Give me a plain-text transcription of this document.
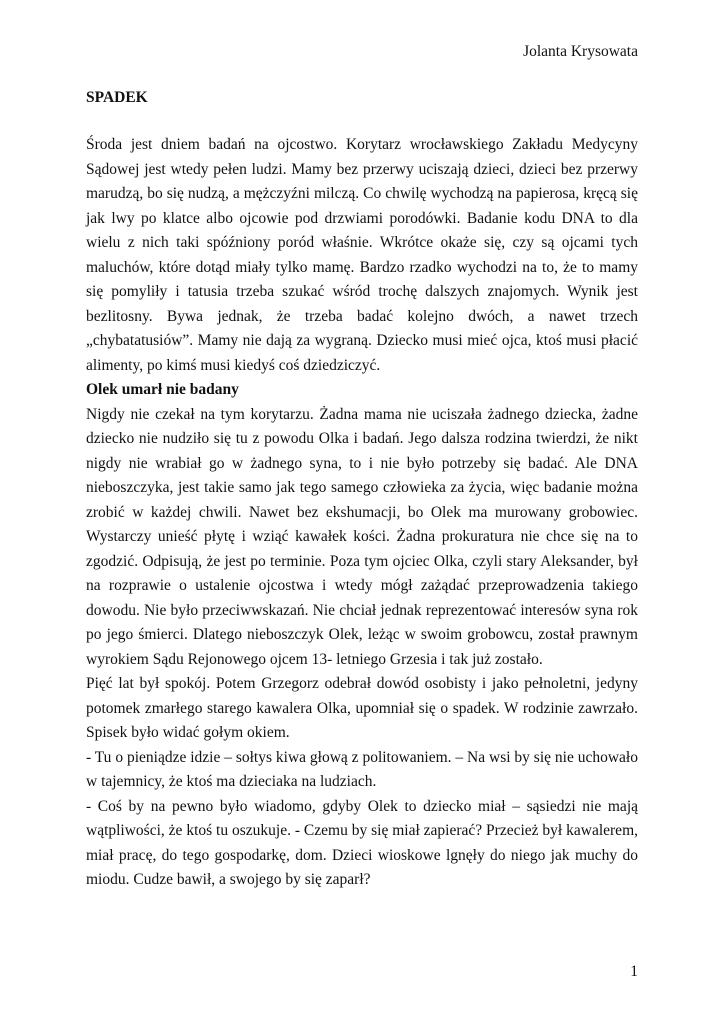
Jolanta Krysowata
SPADEK

Środa jest dniem badań na ojcostwo. Korytarz wrocławskiego Zakładu Medycyny Sądowej jest wtedy pełen ludzi. Mamy bez przerwy uciszają dzieci, dzieci bez przerwy marudzą, bo się nudzą, a mężczyźni milczą. Co chwilę wychodzą na papierosa, kręcą się jak lwy po klatce albo ojcowie pod drzwiami porodówki. Badanie kodu DNA to dla wielu z nich taki spóźniony poród właśnie. Wkrótce okaże się, czy są ojcami tych maluchów, które dotąd miały tylko mamę. Bardzo rzadko wychodzi na to, że to mamy się pomyliły i tatusia trzeba szukać wśród trochę dalszych znajomych. Wynik jest bezlitosny. Bywa jednak, że trzeba badać kolejno dwóch, a nawet trzech „chybatatusiów”. Mamy nie dają za wygraną. Dziecko musi mieć ojca, ktoś musi płacić alimenty, po kimś musi kiedyś coś dziedziczyć.

Olek umarł nie badany

Nigdy nie czekał na tym korytarzu. Żadna mama nie uciszała żadnego dziecka, żadne dziecko nie nudziło się tu z powodu Olka i badań. Jego dalsza rodzina twierdzi, że nikt nigdy nie wrabiał go w żadnego syna, to i nie było potrzeby się badać. Ale DNA nieboszczyka, jest takie samo jak tego samego człowieka za życia, więc badanie można zrobić w każdej chwili. Nawet bez ekshumacji, bo Olek ma murowany grobowiec. Wystarczy unieść płytę i wziąć kawałek kości. Żadna prokuratura nie chce się na to zgodzić. Odpisują, że jest po terminie. Poza tym ojciec Olka, czyli stary Aleksander, był na rozprawie o ustalenie ojcostwa i wtedy mógł zażądać przeprowadzenia takiego dowodu. Nie było przeciwwskazań. Nie chciał jednak reprezentować interesów syna rok po jego śmierci. Dlatego nieboszczyk Olek, leżąc w swoim grobowcu, został prawnym wyrokiem Sądu Rejonowego ojcem 13- letniego Grzesia i tak już zostało.

Pięć lat był spokój. Potem Grzegorz odebrał dowód osobisty i jako pełnoletni, jedyny potomek zmarłego starego kawalera Olka, upomniał się o spadek. W rodzinie zawrzało. Spisek było widać gołym okiem.

- Tu o pieniądze idzie – sołtys kiwa głową z politowaniem. – Na wsi by się nie uchowało w tajemnicy, że ktoś ma dzieciaka na ludziach.

- Coś by na pewno było wiadomo, gdyby Olek to dziecko miał – sąsiedzi nie mają wątpliwości, że ktoś tu oszukuje. - Czemu by się miał zapierać? Przecież był kawalerem, miał pracę, do tego gospodarkę, dom. Dzieci wioskowe lgnęły do niego jak muchy do miodu. Cudze bawił, a swojego by się zaparł?

1
